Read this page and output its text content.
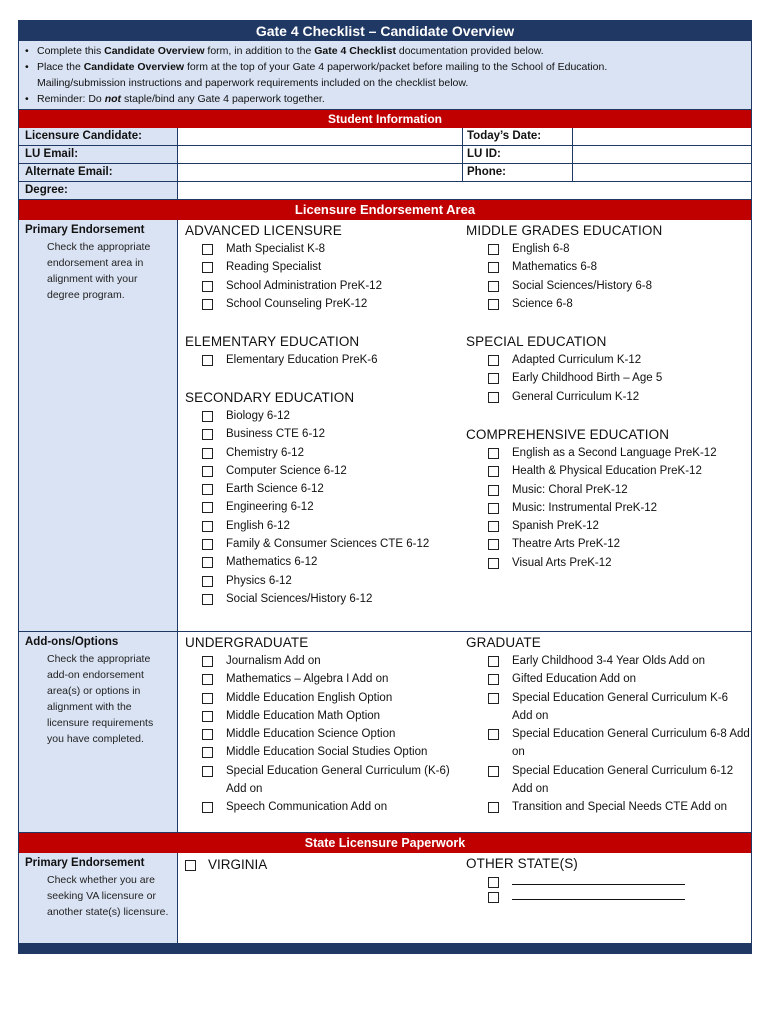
Gate 4 Checklist – Candidate Overview
• Complete this Candidate Overview form, in addition to the Gate 4 Checklist documentation provided below.
• Place the Candidate Overview form at the top of your Gate 4 paperwork/packet before mailing to the School of Education.
Mailing/submission instructions and paperwork requirements included on the checklist below.
• Reminder: Do not staple/bind any Gate 4 paperwork together.
Student Information
Licensure Candidate:	Today’s Date:
LU Email:	LU ID:
Alternate Email:	Phone:
Degree:
Licensure Endorsement Area
Primary Endorsement
Check the appropriate endorsement area in alignment with your degree program.
ADVANCED LICENSURE
Math Specialist K-8
Reading Specialist
School Administration PreK-12
School Counseling PreK-12
MIDDLE GRADES EDUCATION
English 6-8
Mathematics 6-8
Social Sciences/History 6-8
Science 6-8
ELEMENTARY EDUCATION
Elementary Education PreK-6
SPECIAL EDUCATION
Adapted Curriculum K-12
Early Childhood Birth – Age 5
General Curriculum K-12
SECONDARY EDUCATION
Biology 6-12
Business CTE 6-12
Chemistry 6-12
Computer Science 6-12
Earth Science 6-12
Engineering 6-12
English 6-12
Family & Consumer Sciences CTE 6-12
Mathematics 6-12
Physics 6-12
Social Sciences/History 6-12
COMPREHENSIVE EDUCATION
English as a Second Language PreK-12
Health & Physical Education PreK-12
Music: Choral PreK-12
Music: Instrumental PreK-12
Spanish PreK-12
Theatre Arts PreK-12
Visual Arts PreK-12
Add-ons/Options
Check the appropriate add-on endorsement area(s) or options in alignment with the licensure requirements you have completed.
UNDERGRADUATE
Journalism Add on
Mathematics – Algebra I Add on
Middle Education English Option
Middle Education Math Option
Middle Education Science Option
Middle Education Social Studies Option
Special Education General Curriculum (K-6) Add on
Speech Communication Add on
GRADUATE
Early Childhood 3-4 Year Olds Add on
Gifted Education Add on
Special Education General Curriculum K-6 Add on
Special Education General Curriculum 6-8 Add on
Special Education General Curriculum 6-12 Add on
Transition and Special Needs CTE Add on
State Licensure Paperwork
Primary Endorsement
Check whether you are seeking VA licensure or another state(s) licensure.
VIRGINIA	OTHER STATE(S)
